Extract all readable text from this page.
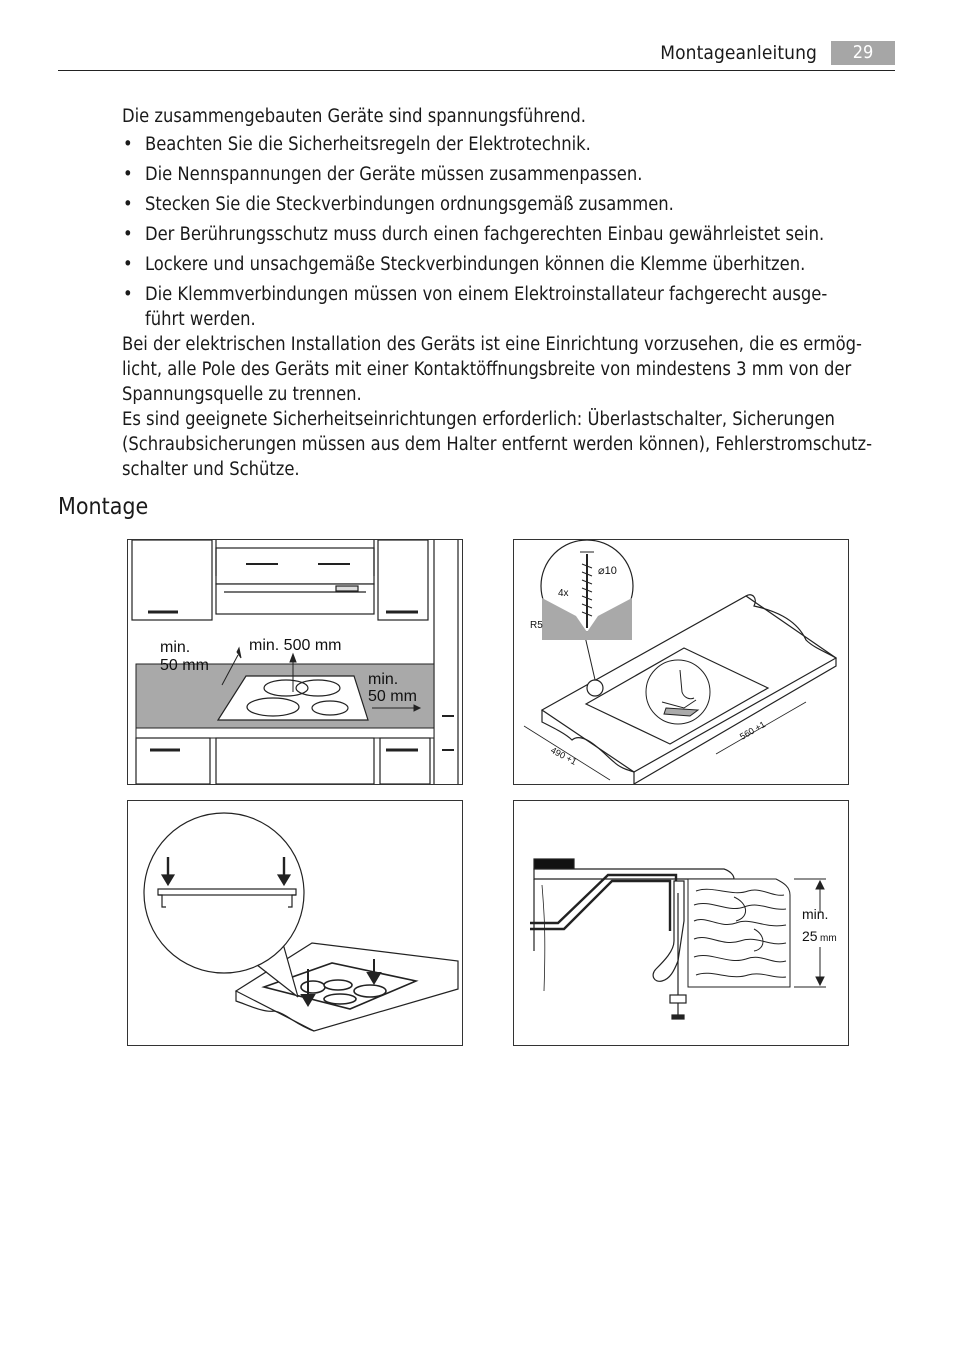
Montageanleitung	29

Die zusammengebauten Geräte sind spannungsführend.

• Beachten Sie die Sicherheitsregeln der Elektrotechnik.
• Die Nennspannungen der Geräte müssen zusammenpassen.
• Stecken Sie die Steckverbindungen ordnungsgemäß zusammen.
• Der Berührungsschutz muss durch einen fachgerechten Einbau gewährleistet sein.
• Lockere und unsachgemäße Steckverbindungen können die Klemme überhitzen.
• Die Klemmverbindungen müssen von einem Elektroinstallateur fachgerecht ausge-
führt werden.

Bei der elektrischen Installation des Geräts ist eine Einrichtung vorzusehen, die es ermög-
licht, alle Pole des Geräts mit einer Kontaktöffnungsbreite von mindestens 3 mm von der
Spannungsquelle zu trennen.

Es sind geeignete Sicherheitseinrichtungen erforderlich: Überlastschalter, Sicherungen
(Schraubsicherungen müssen aus dem Halter entfernt werden können), Fehlerstromschutz-
schalter und Schütze.

Montage
min.
50 mm
min. 500 mm
min.
50 mm
⌀10
4x
R5
490 +1
560 +1
min.
25 mm
